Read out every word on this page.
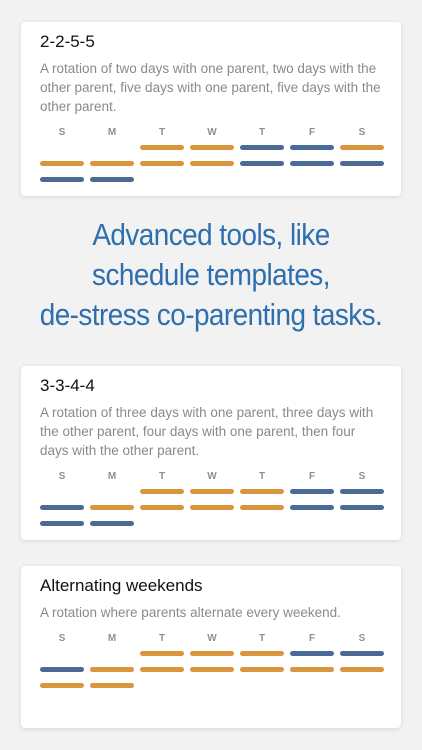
2-2-5-5
A rotation of two days with one parent, two days with the other parent, five days with one parent, five days with the other parent.
S	M	T	W	T	F	S
Advanced tools, like
schedule templates,
de-stress co-parenting tasks.
3-3-4-4
A rotation of three days with one parent, three days with the other parent, four days with one parent, then four days with the other parent.
S	M	T	W	T	F	S
Alternating weekends
A rotation where parents alternate every weekend.
S	M	T	W	T	F	S
